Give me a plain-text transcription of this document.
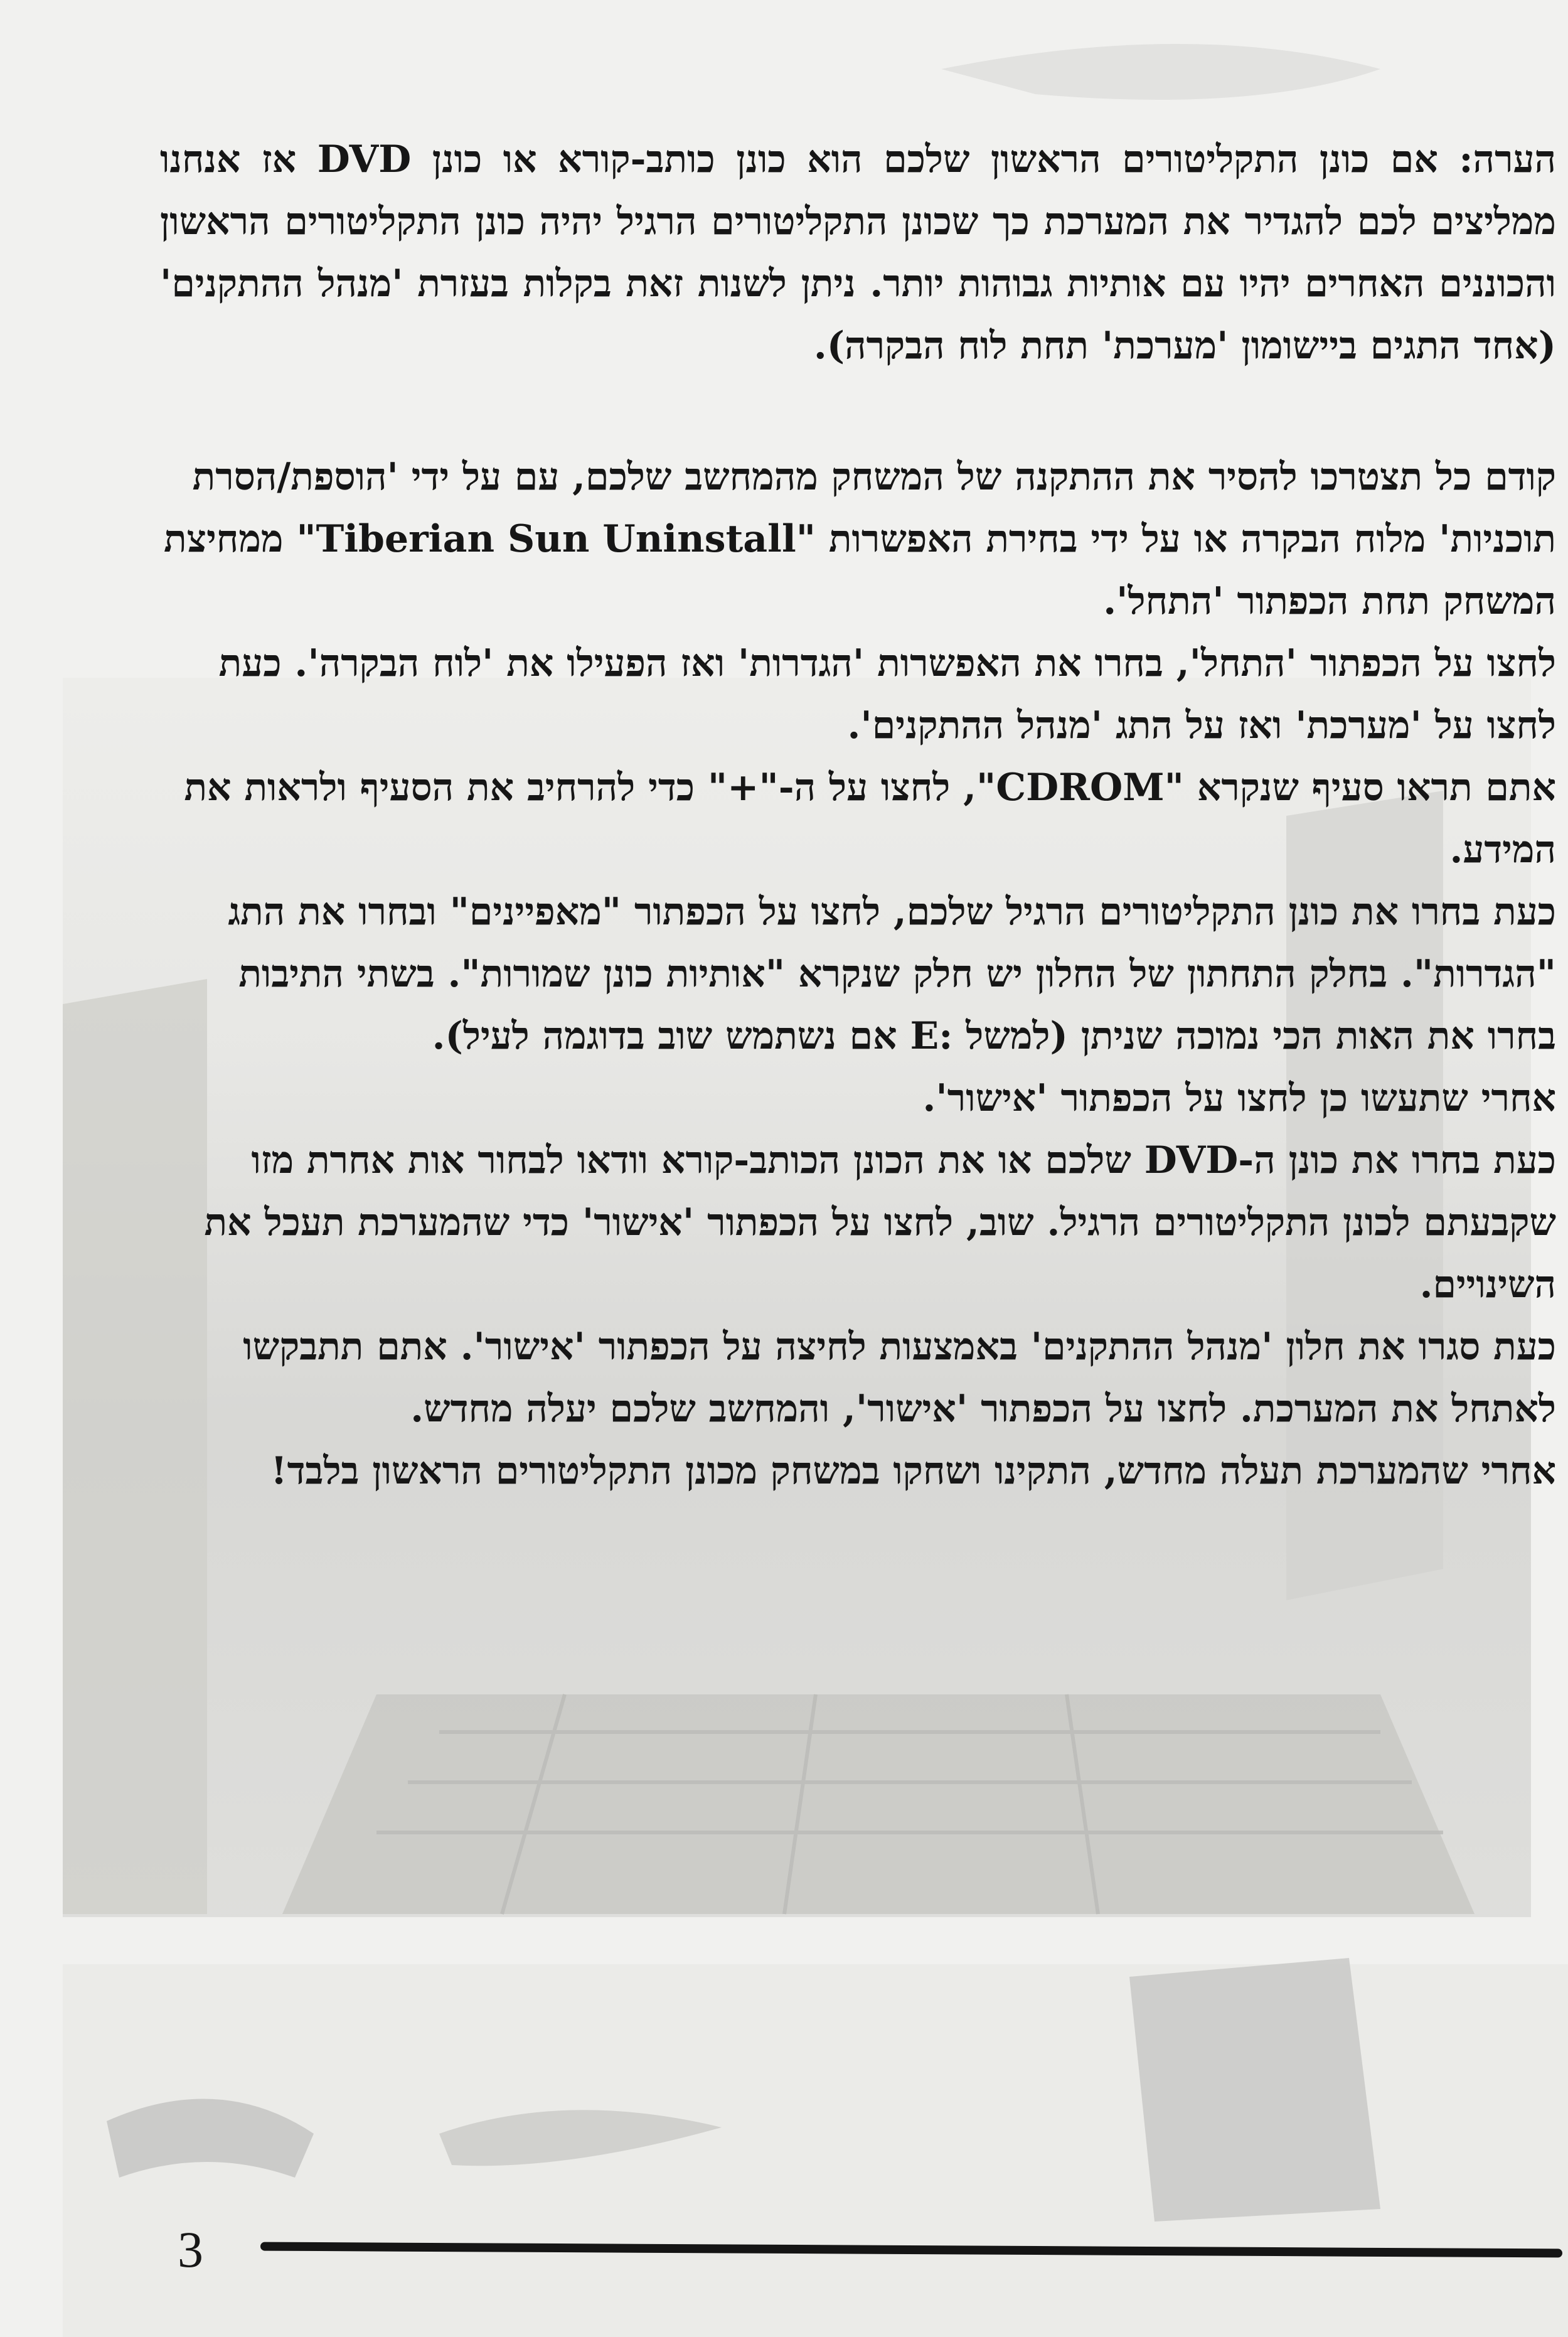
הערה: אם כונן התקליטורים הראשון שלכם הוא כונן כותב-קורא או כונן DVD אז אנחנו ממליצים לכם להגדיר את המערכת כך שכונן התקליטורים הרגיל יהיה כונן התקליטורים הראשון והכוננים האחרים יהיו עם אותיות גבוהות יותר. ניתן לשנות זאת בקלות בעזרת 'מנהל ההתקנים' (אחד התגים ביישומון 'מערכת' תחת לוח הבקרה).

קודם כל תצטרכו להסיר את ההתקנה של המשחק מהמחשב שלכם, עם על ידי 'הוספת/הסרת תוכניות' מלוח הבקרה או על ידי בחירת האפשרות "Tiberian Sun Uninstall" ממחיצת המשחק תחת הכפתור 'התחל'.

לחצו על הכפתור 'התחל', בחרו את האפשרות 'הגדרות' ואז הפעילו את 'לוח הבקרה'. כעת לחצו על 'מערכת' ואז על התג 'מנהל ההתקנים'.

אתם תראו סעיף שנקרא "CDROM", לחצו על ה-"+" כדי להרחיב את הסעיף ולראות את המידע.

כעת בחרו את כונן התקליטורים הרגיל שלכם, לחצו על הכפתור "מאפיינים" ובחרו את התג "הגדרות". בחלק התחתון של החלון יש חלק שנקרא "אותיות כונן שמורות". בשתי התיבות בחרו את האות הכי נמוכה שניתן (למשל :E אם נשתמש שוב בדוגמה לעיל).

אחרי שתעשו כן לחצו על הכפתור 'אישור'.

כעת בחרו את כונן ה-DVD שלכם או את הכונן הכותב-קורא וודאו לבחור אות אחרת מזו שקבעתם לכונן התקליטורים הרגיל. שוב, לחצו על הכפתור 'אישור' כדי שהמערכת תעכל את השינויים.

כעת סגרו את חלון 'מנהל ההתקנים' באמצעות לחיצה על הכפתור 'אישור'. אתם תתבקשו לאתחל את המערכת. לחצו על הכפתור 'אישור', והמחשב שלכם יעלה מחדש.

אחרי שהמערכת תעלה מחדש, התקינו ושחקו במשחק מכונן התקליטורים הראשון בלבד!

3
